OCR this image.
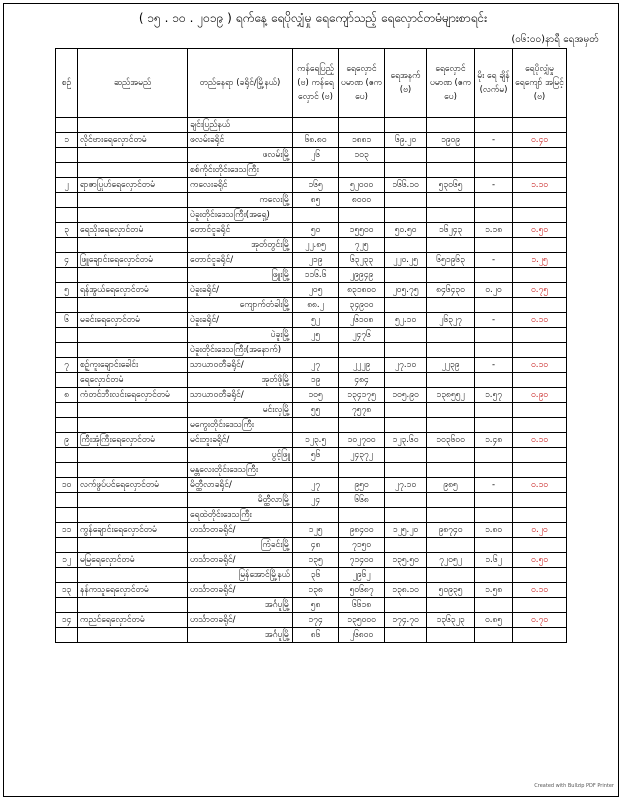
( ၁၅ . ၁၀ . ၂၀၁၉ ) ရက်နေ့ ရေပိုလျှံမှု ရေကျော်သည့် ရေလှောင်တမံများစာရင်း
(၀၆:၀၀)နာရီ ရေအမှတ်
စဉ်	ဆည်အမည်	တည်နေရာ (ခရိုင်/မြို့နယ်)	ကန်ရေပြည့် (ဗ) ကန်ရေလှောင် (ဗ)	ရေလှောင် ပမာဏ (ဧကပေ)	ရေအနက် (ဗ)	ရေလှောင် ပမာဏ (ဧကပေ)	မိုး ရေ ချိန် (လက်မ)	ရေပိုလျှံမှု ရေကျော် အမြင့် (ဗ)
		ချင်းပြည်နယ်						
၁	လိုင်ဗားရေလှောင်တမံ	ဖလမ်းခရိုင်	၆၈.၈၀	၁၈၈၁	၆၉.၂၀	၁၉၀၉	-	၀.၄၀
		ဖလမ်းမြို့	၂၆	၁၀၃				
		စစ်ကိုင်းတိုင်းဒေသကြီး						
၂	ရာဇာပြုဟ်ရေလှောင်တမံ	ကလေးခရိုင်	၁၆၅	၅၂၀၀၀	၁၆၆.၁၀	၅၃၀၆၅	-	၁.၁၀
		ကလေးမြို့	၈၅	၈၀၀၀				
		ပဲခူးတိုင်းဒေသကြီး(အရှေ့)						
၃	ရေသိုးရေလှောင်တမံ	တောင်ငူခရိုင်	၅၀	၁၅၅၀၀	၅၀.၅၀	၁၆၂၄၃	၁.၁၈	၀.၅၀
		အုတ်တွင်းမြို့	၂၂.၈၅	၇၂၅				
၄	ဖြူချောင်းရေလှောင်တမံ	တောင်ငူခရိုင်/	၂၁၉	၆၃၂၃၃	၂၂၀.၂၅	၆၅၁၉၆၃	-	၁.၂၅
		ဖြူးမြို့	၁၁၆.၆	၂၉၉၄၉				
၅	ရန်အွယ်ရေလှောင်တမံ	ပဲခူးခရိုင်/	၂၀၅	၈၃၁၈၀၀	၂၀၅.၇၅	၈၄၆၄၃၀	၀.၂၀	၀.၇၅
		ကျောက်တံခါးမြို့	၈၈.၂	၃၄၉၀၀				
၆	မခင်းရေလှောင်တမံ	ပဲခူးခရိုင်/	၅၂	၂၆၁၀၈	၅၂.၁၀	၂၆၃၂၇	-	၀.၁၀
		ပဲခူးမြို့	၂၅	၂၄၇၆				
		ပဲခူးတိုင်းဒေသကြီး(အနောက်)						
၇	စဥ့်ကူးချောင်းခေါင်း	သာယာဝတီခရိုင်/	၂၇	၂၂၂၉	၂၇.၁၀	၂၂၃၉	-	၀.၁၀
	ရေလှောင်တမံ	အုတ်ဖိုမြို့	၁၉	၄၈၄				
၈	ကံတင်ဘီးလင်းရေလှောင်တမံ	သာယာဝတီခရိုင်/	၁၀၅	၁၃၄၁၇၅	၁၀၅.၉၀	၁၃၈၅၅၂	၁.၅၇	၀.၉၀
		မင်းလှမြို့	၅၅	၇၅၇၈				
		မကွေးတိုင်းဒေသကြီး						
၉	ကြီးအုံကြီးရေလှောင်တမံ	မင်းဘူးခရိုင်/	၁၂၃.၅	၁၀၂၇၀၀	၁၂၃.၆၀	၁၀၃၆၀၀	၁.၄၈	၀.၁၀
		ပွင့်ဖြူ	၅၆	၂၄၃၇၂				
		မန္တလေးတိုင်းဒေသကြီး						
၁၀	လက်ဖွပ်ပင်ရေလှောင်တမံ	မိတ္ထီလာခရိုင်/	၂၇	၉၅၀	၂၇.၁၀	၉၈၅	-	၀.၁၀
		မိတ္ထီလာမြို့	၂၄	၆၆၈				
		ရေထဲတိုင်းဒေသကြီး						
၁၁	ကွန်ချောင်းရေလှောင်တမံ	ဟင်္သာတခရိုင်/	၁၂၅	၉၈၄၀၀	၁၂၅.၂၀	၉၈၇၄၀	၁.၈၀	၀.၂၀
		ကြံခင်းမြို့	၄၈	၇၁၅၀				
၁၂	မမြရေလှောင်တမံ	ဟင်္သာတခရိုင်/	၁၃၅	၇၁၄၀၀	၁၃၅.၅၀	၇၂၀၅၂	၁.၆၂	၀.၅၀
		မြန်အောင်မြို့နယ်	၃၆	၂၉၆၂				
၁၃	နန်ကသူရေလှောင်တမံ	ဟင်္သာတခရိုင်/	၁၃၈	၅၀၆၈၇	၁၃၈.၁၀	၅၀၉၃၅	၁.၅၈	၀.၁၀
		အင်္ဂပူမြို့	၅၈	၆၆၁၈				
၁၄	ကညင်ရေလှောင်တမံ	ဟင်္သာတခရိုင်/	၁၇၄	၁၃၅၀၀၀	၁၇၄.၇၀	၁၃၆၃၂၃	၀.၈၅	၀.၇၀
		အင်္ဂပူမြို့	၈၆	၂၆၈၀၀				
Created with Bullzip PDF Printer
